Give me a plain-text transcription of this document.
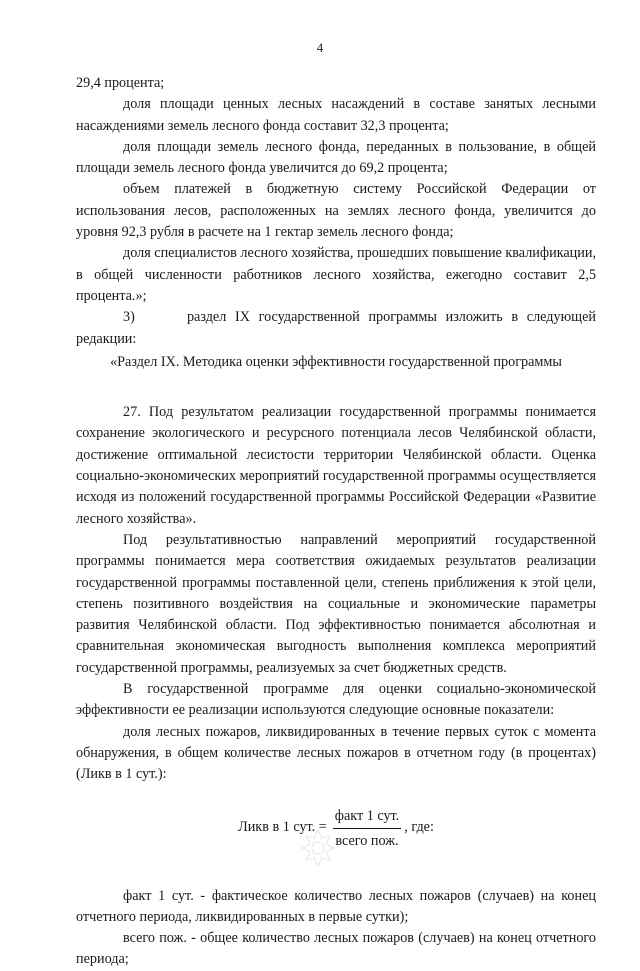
4

29,4 процента;

доля площади ценных лесных насаждений в составе занятых лесными насаждениями земель лесного фонда составит 32,3 процента;

доля площади земель лесного фонда, переданных в пользование, в общей площади земель лесного фонда увеличится до 69,2 процента;

объем платежей в бюджетную систему Российской Федерации от использования лесов, расположенных на землях лесного фонда, увеличится до уровня 92,3 рубля в расчете на 1 гектар земель лесного фонда;

доля специалистов лесного хозяйства, прошедших повышение квалификации, в общей численности работников лесного хозяйства, ежегодно составит 2,5 процента.»;

3)      раздел IX государственной программы изложить в следующей редакции:

«Раздел IX. Методика оценки эффективности государственной программы

27. Под результатом реализации государственной программы понимается сохранение экологического и ресурсного потенциала лесов Челябинской области, достижение оптимальной лесистости территории Челябинской области. Оценка социально-экономических мероприятий государственной программы осуществляется исходя из положений государственной программы Российской Федерации «Развитие лесного хозяйства».

Под результативностью направлений мероприятий государственной программы понимается мера соответствия ожидаемых результатов реализации государственной программы поставленной цели, степень приближения к этой цели, степень позитивного воздействия на социальные и экономические параметры развития Челябинской области. Под эффективностью понимается абсолютная и сравнительная экономическая выгодность выполнения комплекса мероприятий государственной программы, реализуемых за счет бюджетных средств.

В государственной программе для оценки социально-экономической эффективности ее реализации используются следующие основные показатели:

доля лесных пожаров, ликвидированных в течение первых суток с момента обнаружения, в общем количестве лесных пожаров в отчетном году (в процентах) (Ликв в 1 сут.):

Ликв в 1 сут. = $\frac{\text{факт 1 сут.}}{\text{всего пож.}}$ , где:

факт 1 сут. - фактическое количество лесных пожаров (случаев) на конец отчетного периода, ликвидированных в первые сутки);

всего пож. - общее количество лесных пожаров (случаев) на конец отчетного периода;
